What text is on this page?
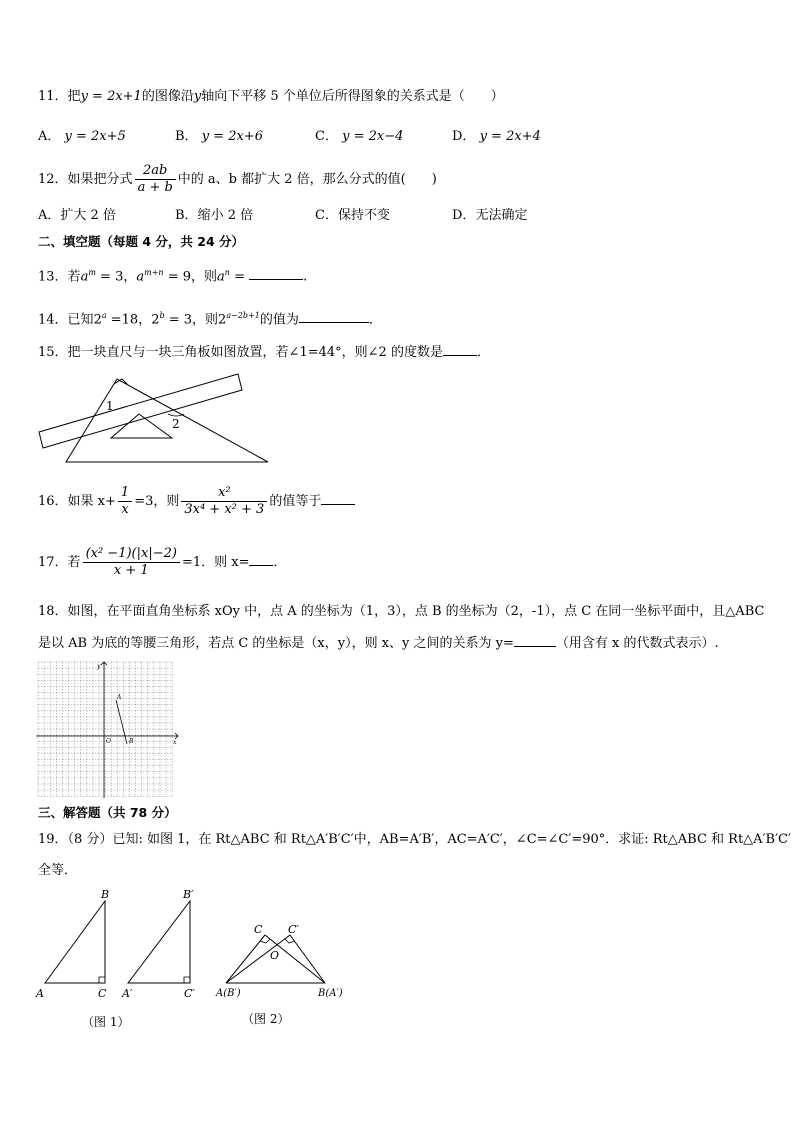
11．把y = 2x+1的图像沿y轴向下平移 5 个单位后所得图象的关系式是（　　）
A． y = 2x+5	B． y = 2x+6	C． y = 2x−4	D． y = 2x+4
12．如果把分式 $\frac{2ab}{a + b}$ 中的 a、b 都扩大 2 倍，那么分式的值(　　)
A．扩大 2 倍	B．缩小 2 倍	C．保持不变	D．无法确定
二、填空题（每题 4 分，共 24 分）
13．若$a^m = 3$，$a^{m+n} = 9$，则$a^n$ =	.
14．已知$2^a =18$，$2^b = 3$，则$2^{a-2b+1}$的值为	．
15．把一块直尺与一块三角板如图放置，若∠1=44°，则∠2 的度数是	．
1
2
16．如果 $x+ \frac{1}{x} =3$，则 $\frac{\text{x²}}{\text{3x⁴ + x² + 3}}$ 的值等于
17．若 $\frac{\text{(x² −1)(|x|−2)}}{x + 1} =1$．则 x= ．
18．如图，在平面直角坐标系 xOy 中，点 A 的坐标为（1，3），点 B 的坐标为（2，-1），点 C 在同一坐标平面中，且△ABC
是以 AB 为底的等腰三角形，若点 C 的坐标是（x，y），则 x、y 之间的关系为 y=	（用含有 x 的代数式表示）.
y
x
O
A
B
三、解答题（共 78 分）
19．（8 分）已知: 如图 1，在 Rt△ABC 和 Rt△A′B′C′中，AB=A′B′，AC=A′C′，∠C=∠C′=90°．求证: Rt△ABC 和 Rt△A′B′C′
全等．
B
A	C
B′
A′	C′
（图 1）
C C′
O
A(B′)	B(A′)
（图 2）
